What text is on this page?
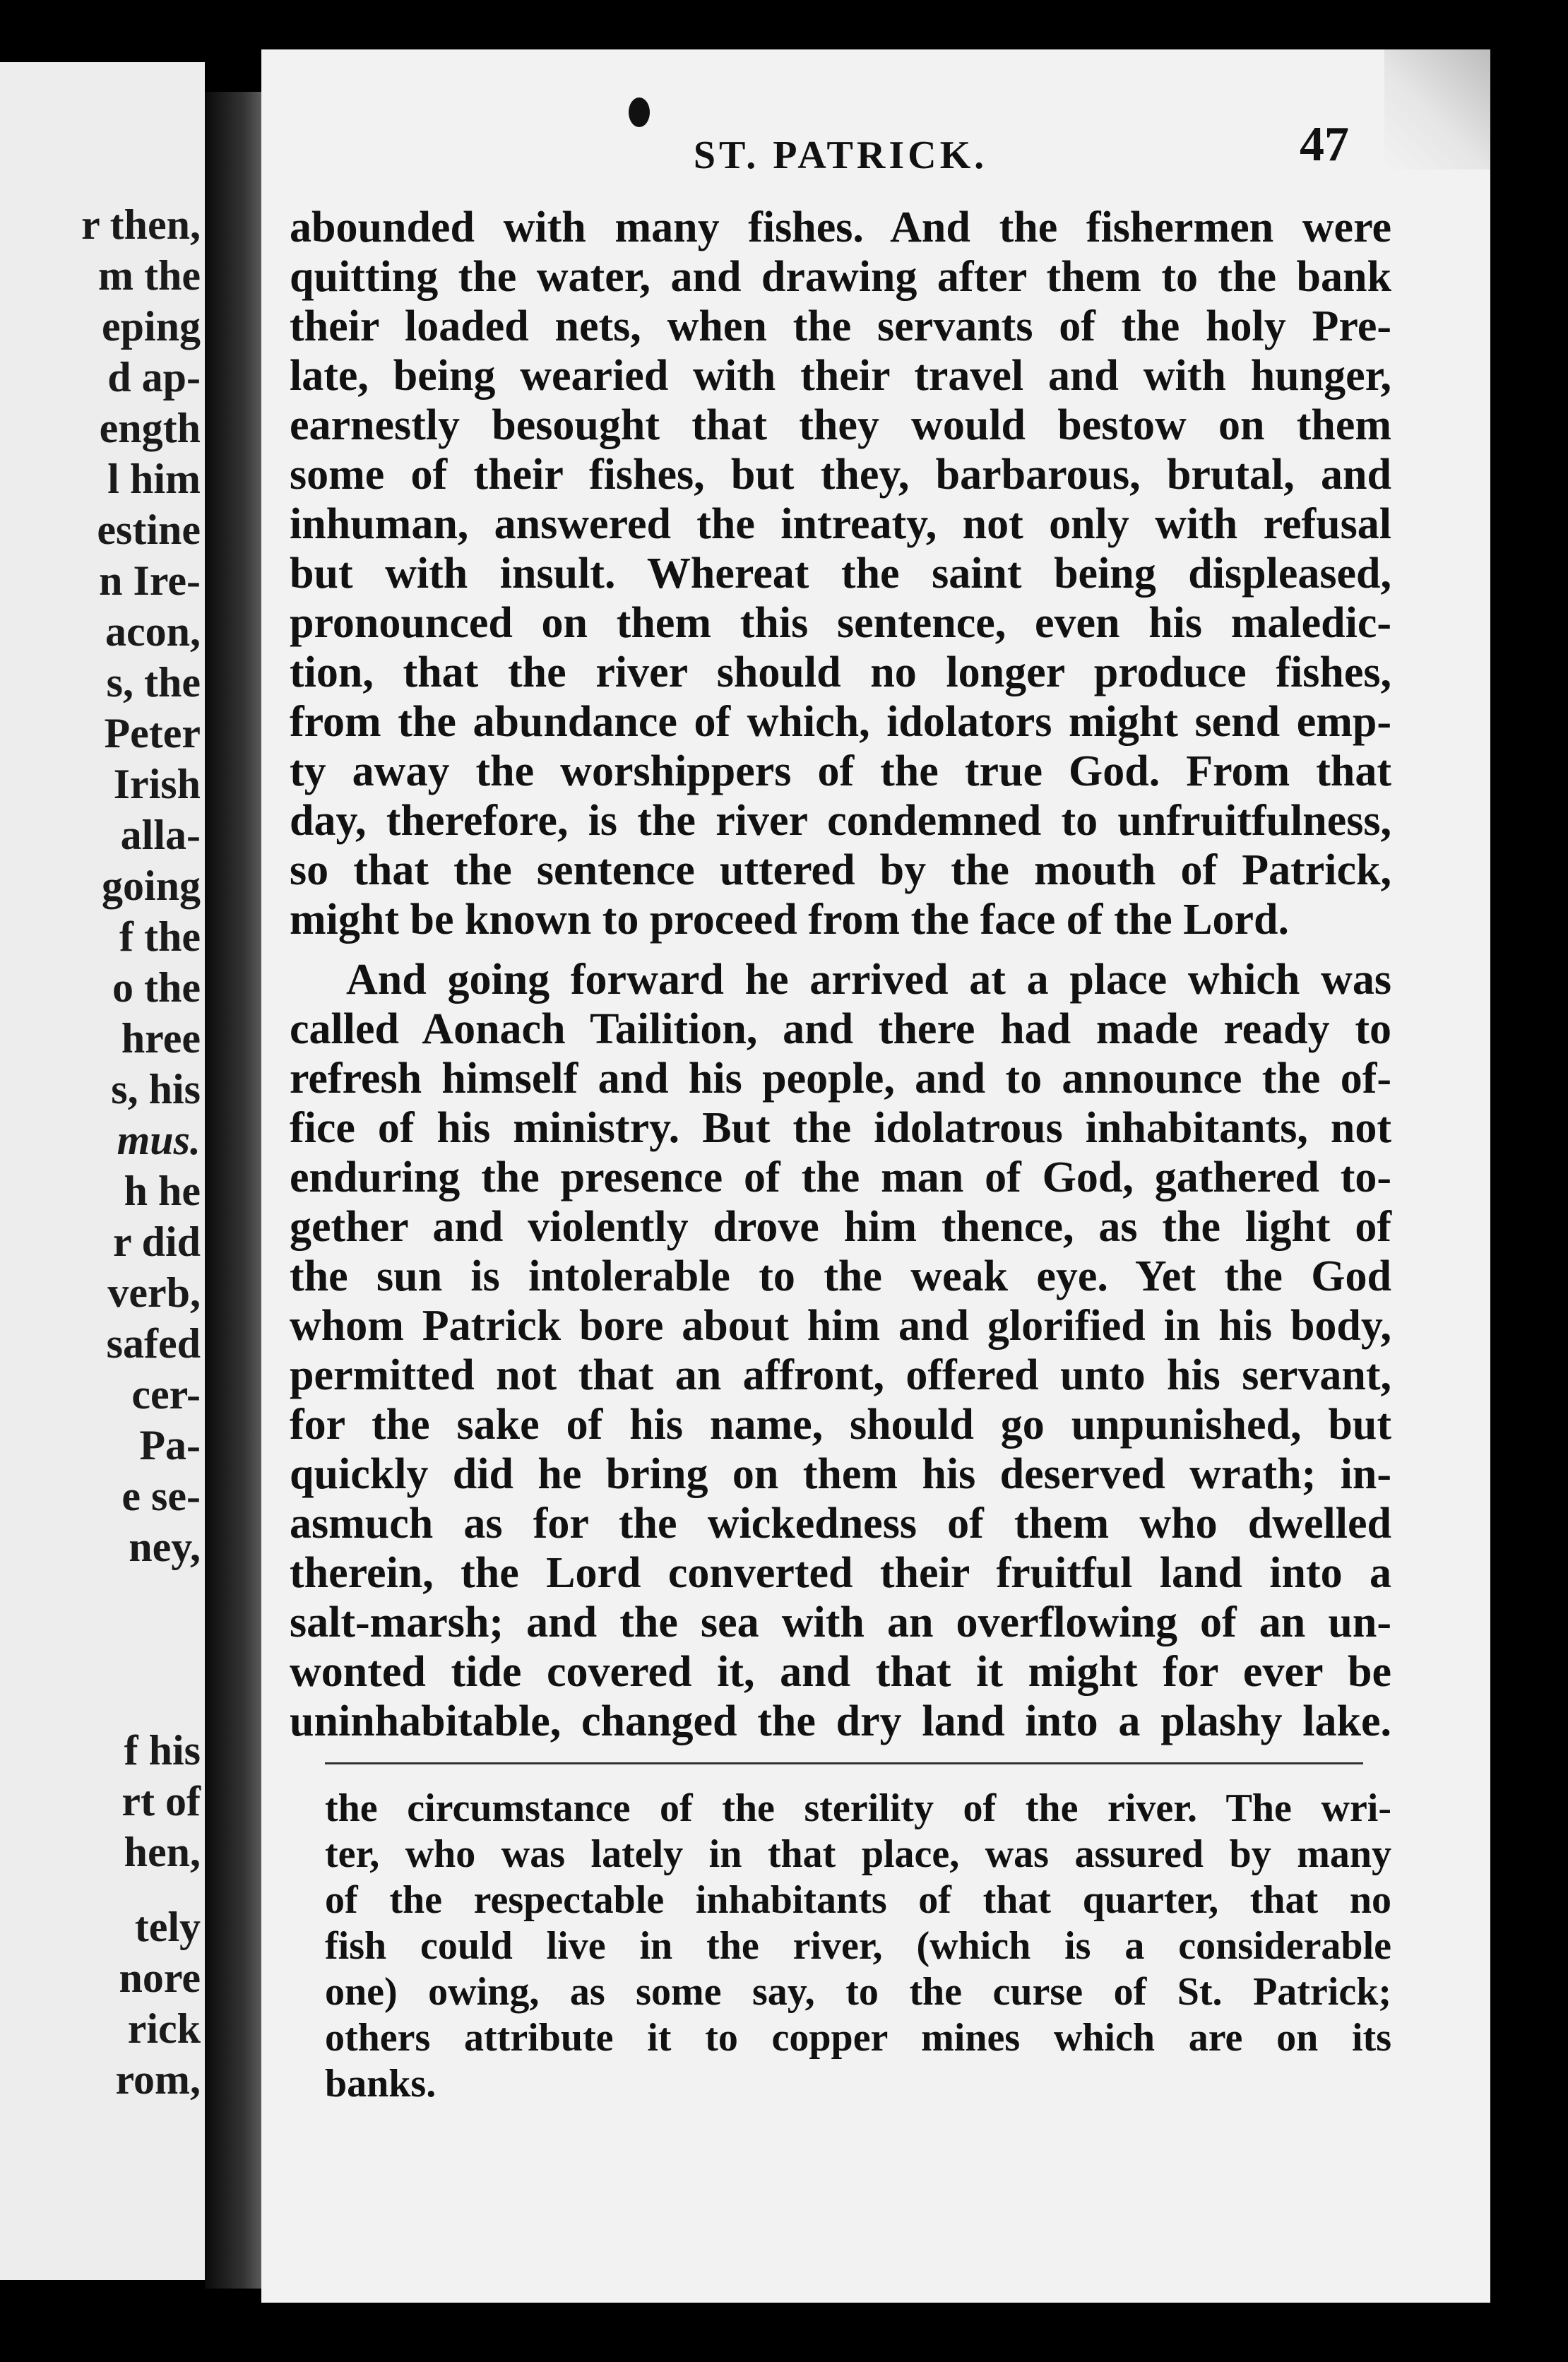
r then,
m the
eping
d ap-
ength
l him
estine
n Ire-
acon,
s, the
Peter
Irish
alla-
going
f the
o the
hree
s, his
mus.
h he
r did
verb,
safed
cer-
Pa-
e se-
ney,
f his
rt of
hen,
tely
nore
rick
rom,
ST. PATRICK.	47
abounded with many fishes. And the fishermen were
quitting the water, and drawing after them to the bank
their loaded nets, when the servants of the holy Pre-
late, being wearied with their travel and with hunger,
earnestly besought that they would bestow on them
some of their fishes, but they, barbarous, brutal, and
inhuman, answered the intreaty, not only with refusal
but with insult. Whereat the saint being displeased,
pronounced on them this sentence, even his maledic-
tion, that the river should no longer produce fishes,
from the abundance of which, idolators might send emp-
ty away the worshippers of the true God. From that
day, therefore, is the river condemned to unfruitfulness,
so that the sentence uttered by the mouth of Patrick,
might be known to proceed from the face of the Lord.
And going forward he arrived at a place which was
called Aonach Tailition, and there had made ready to
refresh himself and his people, and to announce the of-
fice of his ministry. But the idolatrous inhabitants, not
enduring the presence of the man of God, gathered to-
gether and violently drove him thence, as the light of
the sun is intolerable to the weak eye. Yet the God
whom Patrick bore about him and glorified in his body,
permitted not that an affront, offered unto his servant,
for the sake of his name, should go unpunished, but
quickly did he bring on them his deserved wrath; in-
asmuch as for the wickedness of them who dwelled
therein, the Lord converted their fruitful land into a
salt-marsh; and the sea with an overflowing of an un-
wonted tide covered it, and that it might for ever be
uninhabitable, changed the dry land into a plashy lake.
the circumstance of the sterility of the river. The wri-
ter, who was lately in that place, was assured by many
of the respectable inhabitants of that quarter, that no
fish could live in the river, (which is a considerable
one) owing, as some say, to the curse of St. Patrick;
others attribute it to copper mines which are on its
banks.
